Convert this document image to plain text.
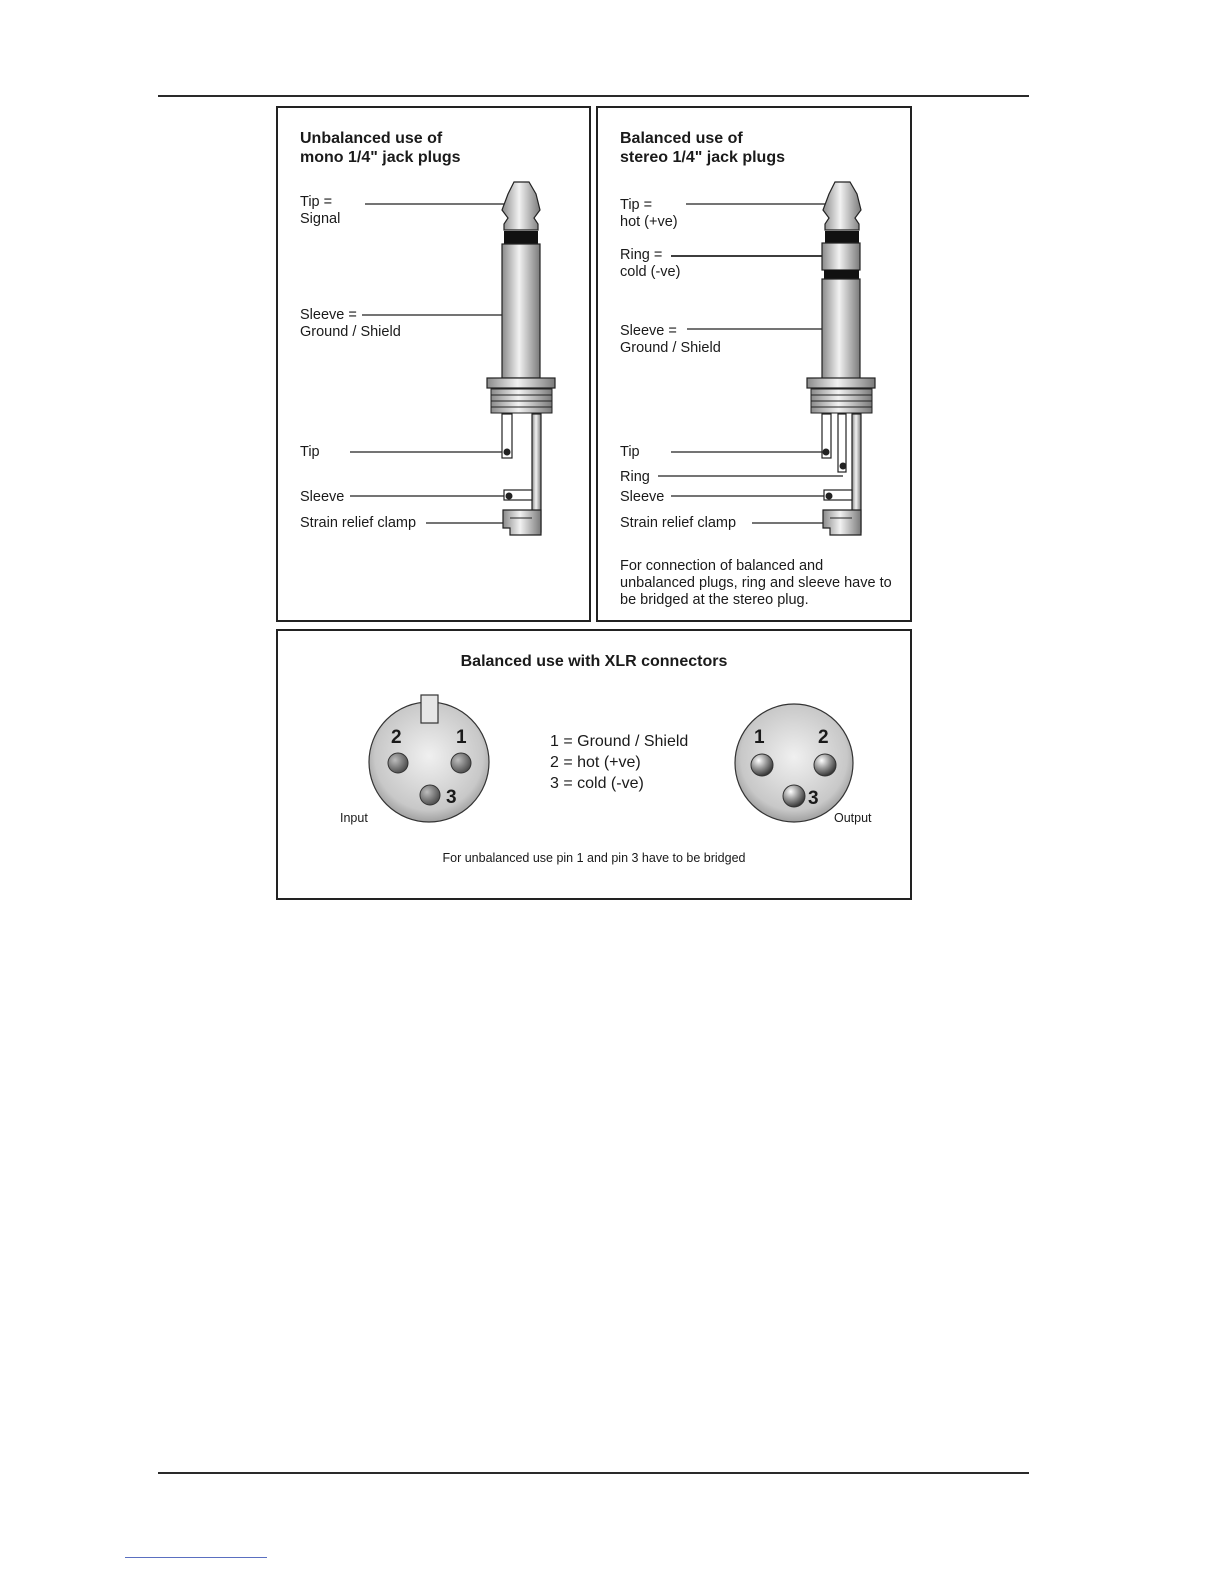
Unbalanced use of
mono 1/4" jack plugs
Tip =
Signal
Sleeve =
Ground / Shield
Tip
Sleeve
Strain relief clamp
Balanced use of
stereo 1/4" jack plugs
Tip =
hot (+ve)
Ring =
cold (-ve)
Sleeve =
Ground / Shield
Tip
Ring
Sleeve
Strain relief clamp
For connection of balanced and unbalanced plugs, ring and sleeve have to be bridged at the stereo plug.
Balanced use with XLR connectors
1 = Ground / Shield
2 = hot (+ve)
3 = cold (-ve)
Input	Output
For unbalanced use pin 1 and pin 3 have to be bridged
2	1
3
1	2
3
